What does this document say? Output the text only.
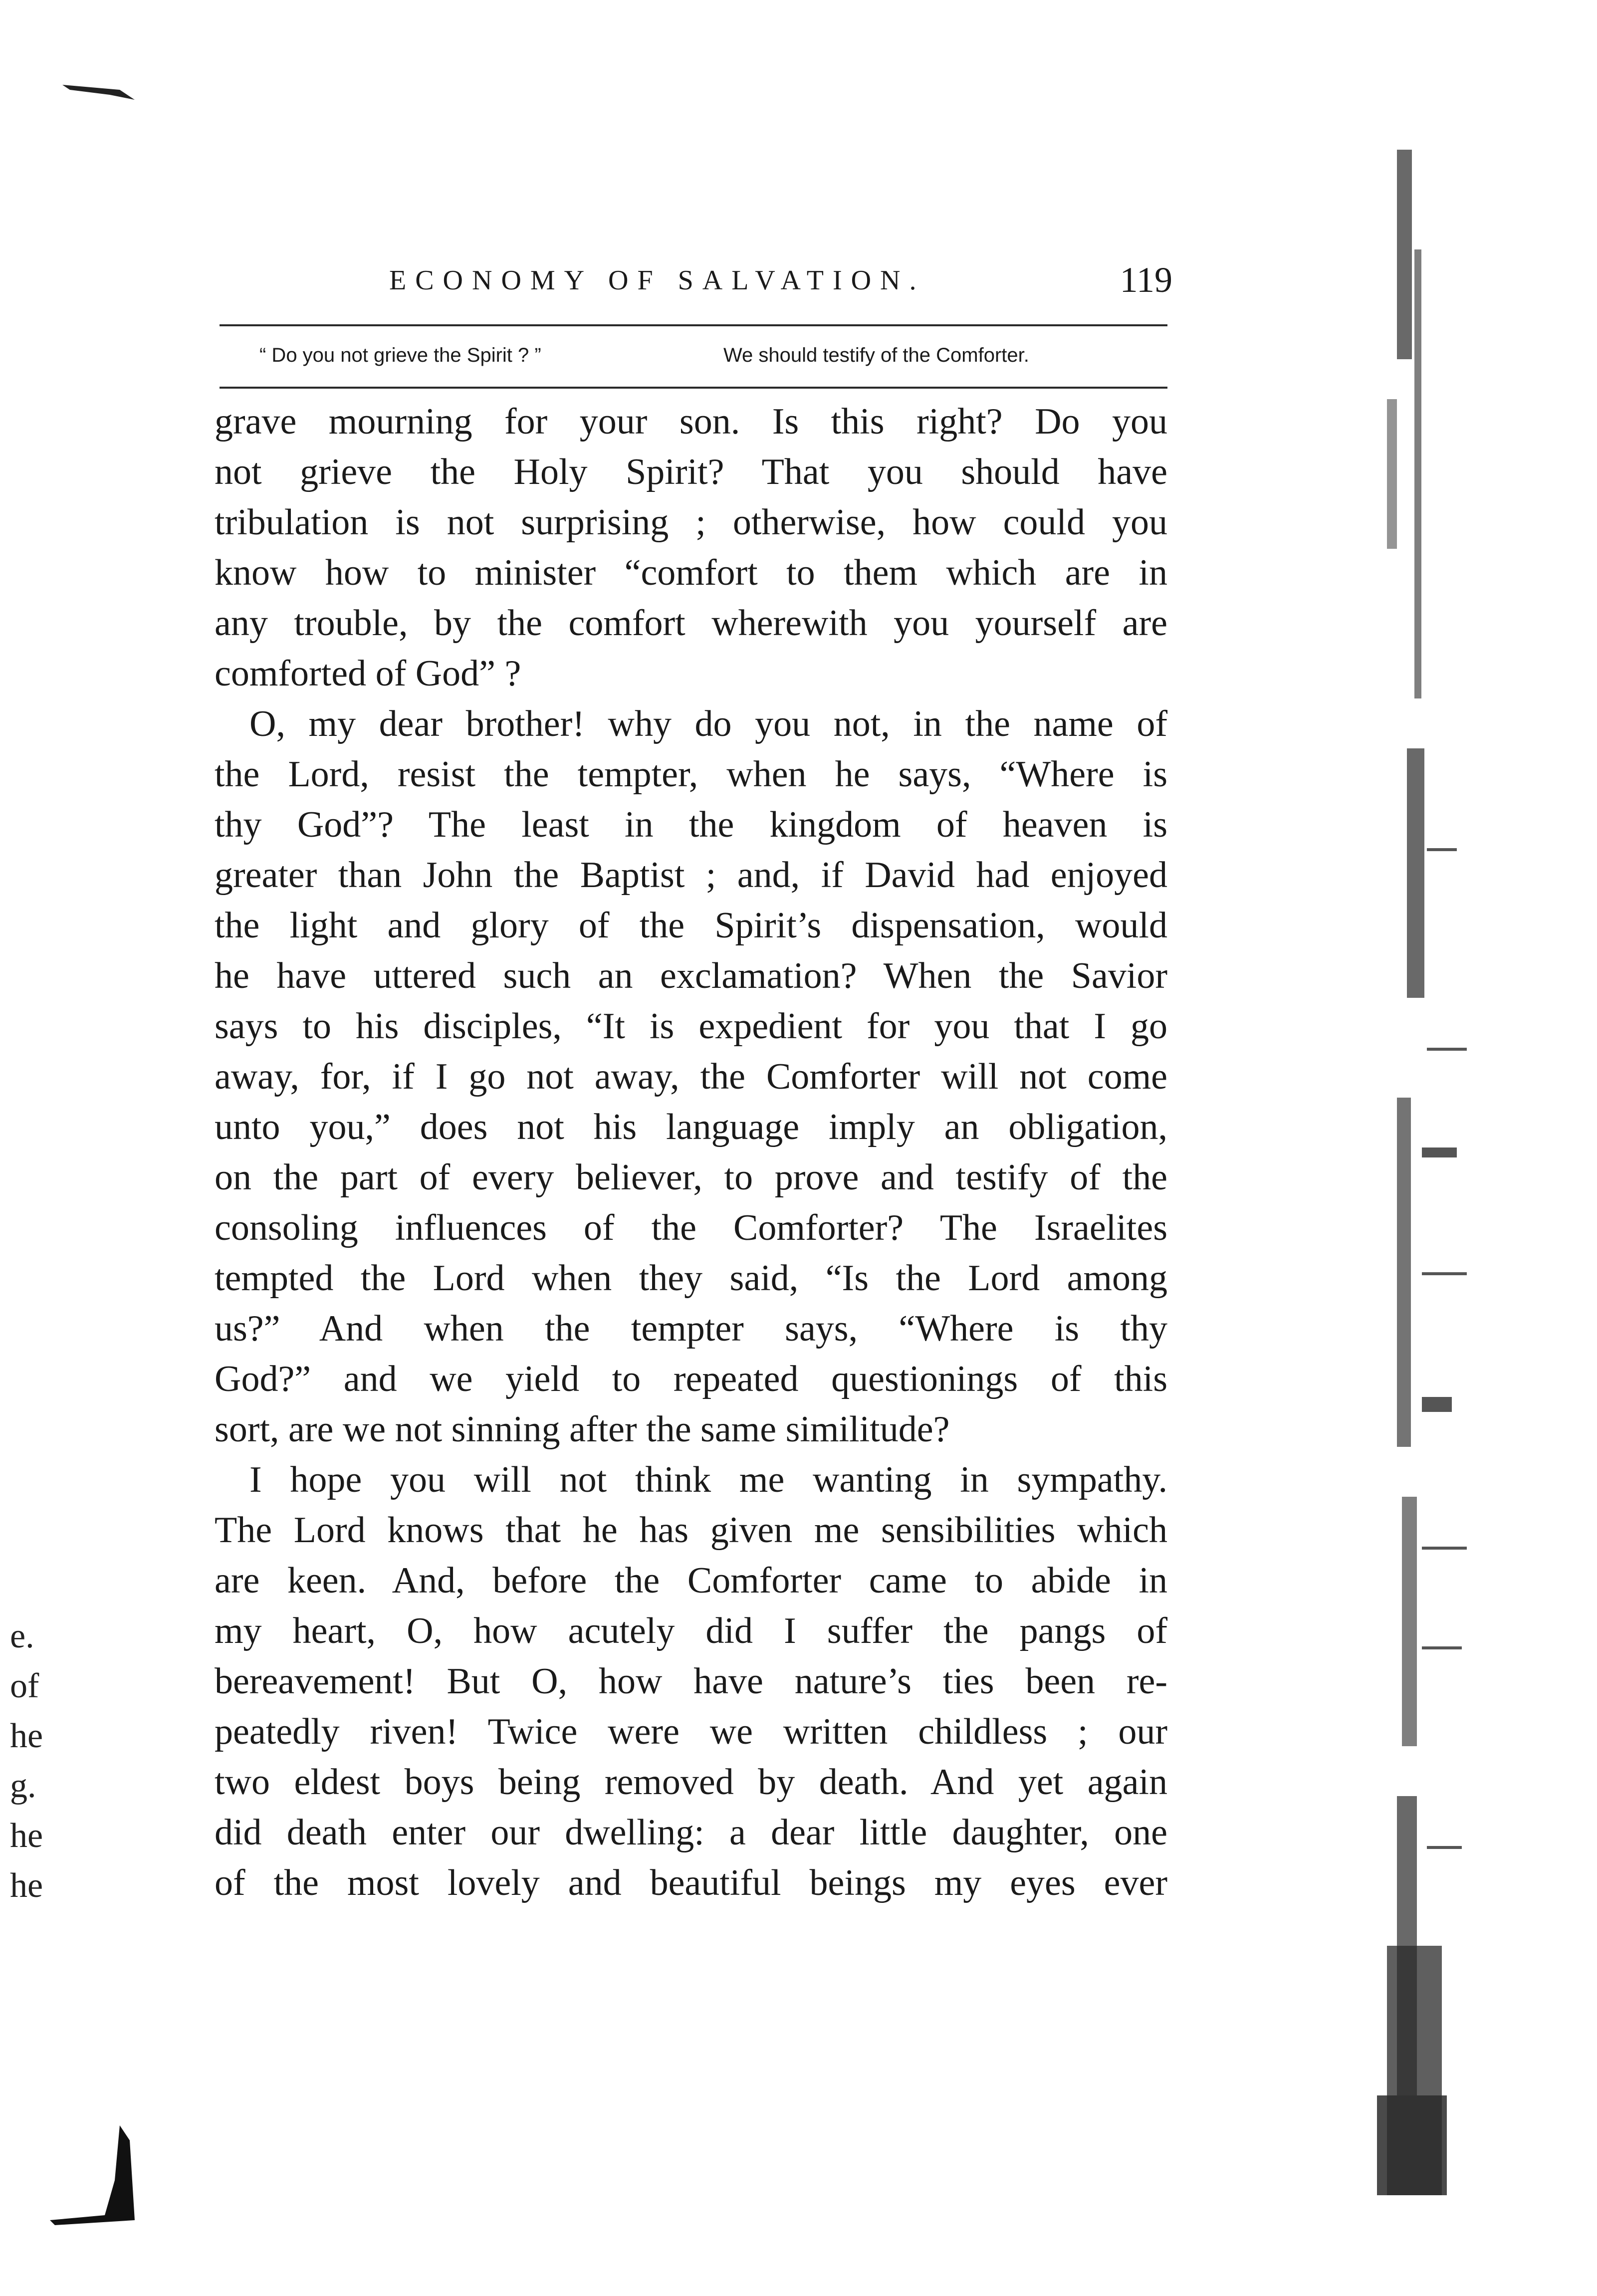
ECONOMY OF SALVATION.	119
“ Do you not grieve the Spirit ? ”	We should testify of the Comforter.
grave mourning for your son. Is this right? Do you
not grieve the Holy Spirit? That you should have
tribulation is not surprising ; otherwise, how could you
know how to minister “comfort to them which are in
any trouble, by the comfort wherewith you yourself are
comforted of God” ?
O, my dear brother! why do you not, in the name of
the Lord, resist the tempter, when he says, “Where is
thy God”? The least in the kingdom of heaven is
greater than John the Baptist ; and, if David had enjoyed
the light and glory of the Spirit’s dispensation, would
he have uttered such an exclamation? When the Savior
says to his disciples, “It is expedient for you that I go
away, for, if I go not away, the Comforter will not come
unto you,” does not his language imply an obligation,
on the part of every believer, to prove and testify of the
consoling influences of the Comforter? The Israelites
tempted the Lord when they said, “Is the Lord among
us?” And when the tempter says, “Where is thy
God?” and we yield to repeated questionings of this
sort, are we not sinning after the same similitude?
I hope you will not think me wanting in sympathy.
The Lord knows that he has given me sensibilities which
are keen. And, before the Comforter came to abide in
my heart, O, how acutely did I suffer the pangs of
bereavement! But O, how have nature’s ties been re-
peatedly riven! Twice were we written childless ; our
two eldest boys being removed by death. And yet again
did death enter our dwelling: a dear little daughter, one
of the most lovely and beautiful beings my eyes ever
e.
of
he
g.
he
he
